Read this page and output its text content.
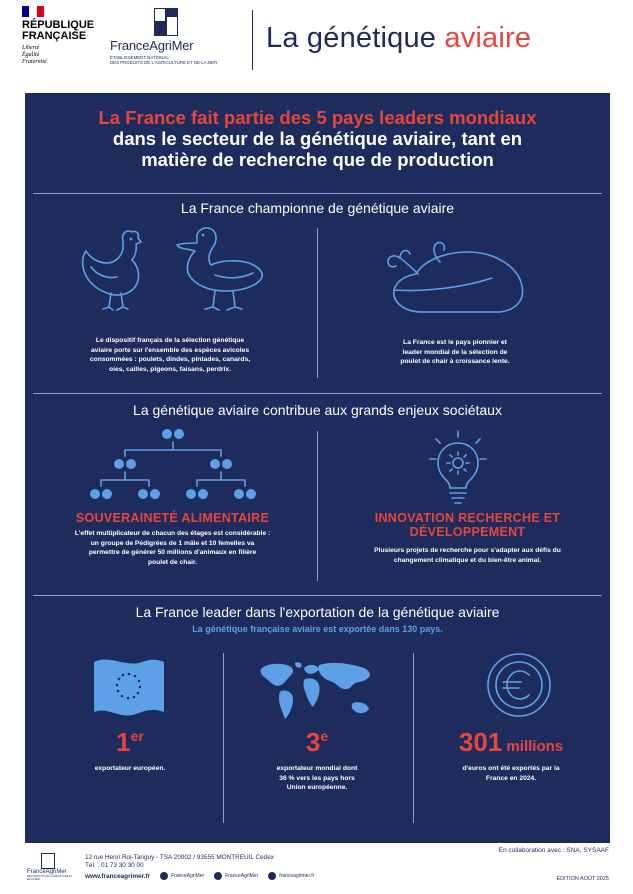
RÉPUBLIQUE
FRANÇAISE
Liberté
Égalité
Fraternité
FranceAgriMer
ÉTABLISSEMENT NATIONAL
DES PRODUITS DE L'AGRICULTURE ET DE LA MER
La génétique aviaire
La France fait partie des 5 pays leaders mondiaux
dans le secteur de la génétique aviaire, tant en
matière de recherche que de production
La France championne de génétique aviaire
Le dispositif français de la sélection génétique
aviaire porte sur l'ensemble des espèces avicoles
consommées : poulets, dindes, pintades, canards,
oies, cailles, pigeons, faisans, perdrix.
La France est le pays pionnier et
leader mondial de la sélection de
poulet de chair à croissance lente.
La génétique aviaire contribue aux grands enjeux sociétaux
SOUVERAINETÉ ALIMENTAIRE
L'effet multiplicateur de chacun des étages est considérable :
un groupe de Pédigrées de 1 mâle et 10 femelles va
permettre de générer 50 millions d'animaux en filière
poulet de chair.
INNOVATION RECHERCHE ET
DÉVELOPPEMENT
Plusieurs projets de recherche pour s'adapter aux défis du
changement climatique et du bien-être animal.
La France leader dans l'exportation de la génétique aviaire
La génétique française aviaire est exportée dans 130 pays.
1er
exportateur européen.
3e
exportateur mondial dont
36 % vers les pays hors
Union européenne.
301 millions
d'euros ont été exportés par la
France en 2024.
En collaboration avec : SNA, SYSAAF
FranceAgriMer
DES PRODUITS DE L'AGRICULTURE ET DE LA MER
12 rue Henri Rol-Tanguy - TSA 20002 / 93555 MONTREUIL Cedex
Tél. : 01 73 30 30 00
www.franceagrimer.fr	FranceAgriMer	FranceAgriMer	franceagrimer.fr	ÉDITION AOÛT 2025
